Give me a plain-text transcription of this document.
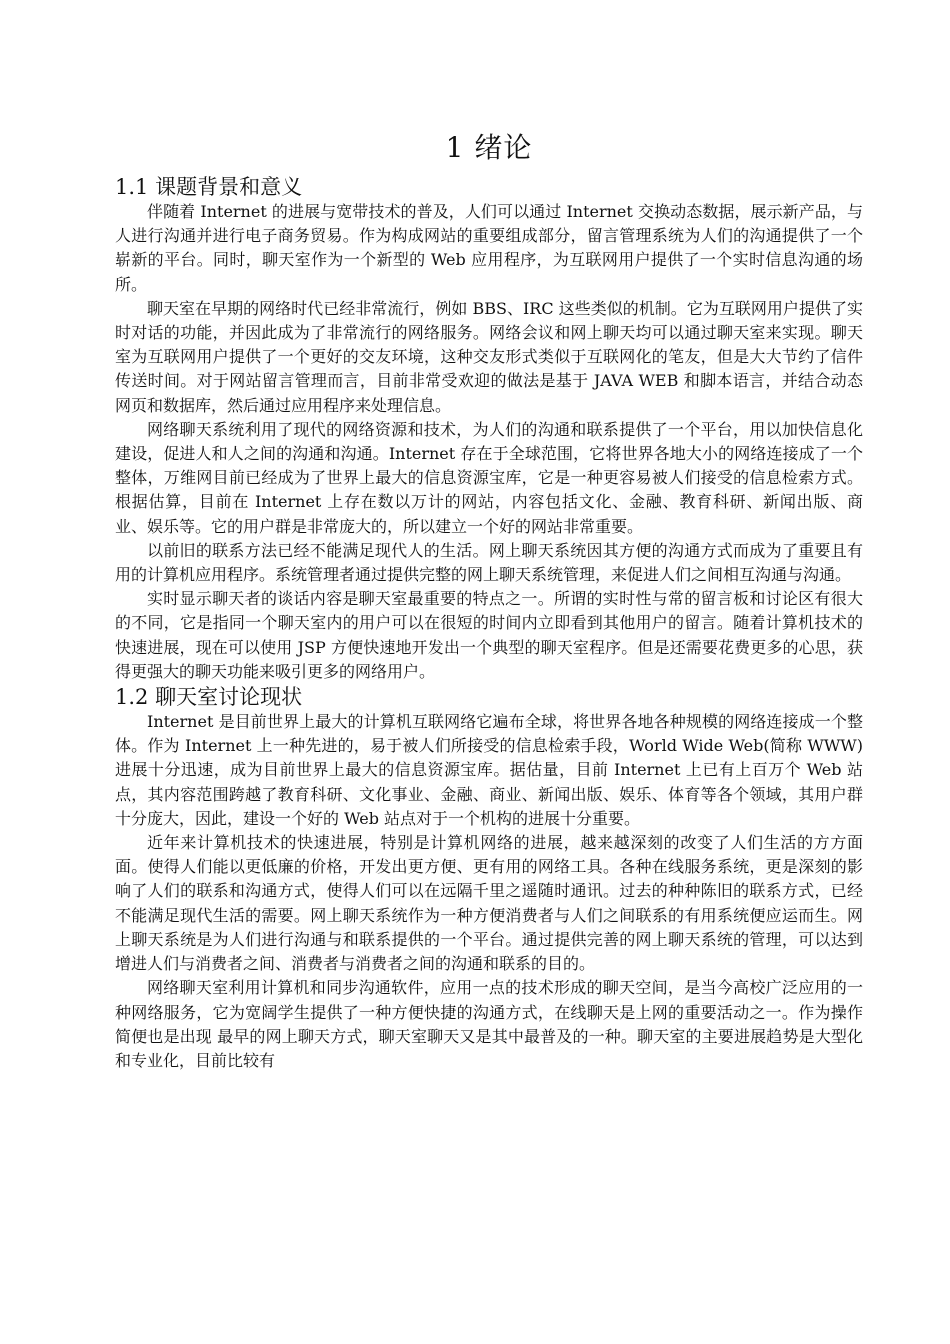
1 绪论
1.1 课题背景和意义

伴随着 Internet 的进展与宽带技术的普及，人们可以通过 Internet 交换动态数据，展示新产品，与人进行沟通并进行电子商务贸易。作为构成网站的重要组成部分，留言管理系统为人们的沟通提供了一个崭新的平台。同时，聊天室作为一个新型的 Web 应用程序，为互联网用户提供了一个实时信息沟通的场所。

聊天室在早期的网络时代已经非常流行，例如 BBS、IRC 这些类似的机制。它为互联网用户提供了实时对话的功能，并因此成为了非常流行的网络服务。网络会议和网上聊天均可以通过聊天室来实现。聊天室为互联网用户提供了一个更好的交友环境，这种交友形式类似于互联网化的笔友，但是大大节约了信件传送时间。对于网站留言管理而言，目前非常受欢迎的做法是基于 JAVA WEB 和脚本语言，并结合动态网页和数据库，然后通过应用程序来处理信息。

网络聊天系统利用了现代的网络资源和技术，为人们的沟通和联系提供了一个平台，用以加快信息化建设，促进人和人之间的沟通和沟通。Internet 存在于全球范围，它将世界各地大小的网络连接成了一个整体，万维网目前已经成为了世界上最大的信息资源宝库，它是一种更容易被人们接受的信息检索方式。根据估算，目前在 Internet 上存在数以万计的网站，内容包括文化、金融、教育科研、新闻出版、商业、娱乐等。它的用户群是非常庞大的，所以建立一个好的网站非常重要。

以前旧的联系方法已经不能满足现代人的生活。网上聊天系统因其方便的沟通方式而成为了重要且有用的计算机应用程序。系统管理者通过提供完整的网上聊天系统管理，来促进人们之间相互沟通与沟通。

实时显示聊天者的谈话内容是聊天室最重要的特点之一。所谓的实时性与常的留言板和讨论区有很大的不同，它是指同一个聊天室内的用户可以在很短的时间内立即看到其他用户的留言。随着计算机技术的快速进展，现在可以使用 JSP 方便快速地开发出一个典型的聊天室程序。但是还需要花费更多的心思，获得更强大的聊天功能来吸引更多的网络用户。

1.2 聊天室讨论现状

Internet 是目前世界上最大的计算机互联网络它遍布全球，将世界各地各种规模的网络连接成一个整体。作为 Internet 上一种先进的，易于被人们所接受的信息检索手段，World Wide Web(简称 WWW)进展十分迅速，成为目前世界上最大的信息资源宝库。据估量，目前 Internet 上已有上百万个 Web 站点，其内容范围跨越了教育科研、文化事业、金融、商业、新闻出版、娱乐、体育等各个领域，其用户群十分庞大，因此，建设一个好的 Web 站点对于一个机构的进展十分重要。

近年来计算机技术的快速进展，特别是计算机网络的进展，越来越深刻的改变了人们生活的方方面面。使得人们能以更低廉的价格，开发出更方便、更有用的网络工具。各种在线服务系统，更是深刻的影响了人们的联系和沟通方式，使得人们可以在远隔千里之遥随时通讯。过去的种种陈旧的联系方式，已经不能满足现代生活的需要。网上聊天系统作为一种方便消费者与人们之间联系的有用系统便应运而生。网上聊天系统是为人们进行沟通与和联系提供的一个平台。通过提供完善的网上聊天系统的管理，可以达到增进人们与消费者之间、消费者与消费者之间的沟通和联系的目的。

网络聊天室利用计算机和同步沟通软件，应用一点的技术形成的聊天空间，是当今高校广泛应用的一种网络服务，它为宽阔学生提供了一种方便快捷的沟通方式，在线聊天是上网的重要活动之一。作为操作简便也是出现 最早的网上聊天方式，聊天室聊天又是其中最普及的一种。聊天室的主要进展趋势是大型化和专业化，目前比较有
